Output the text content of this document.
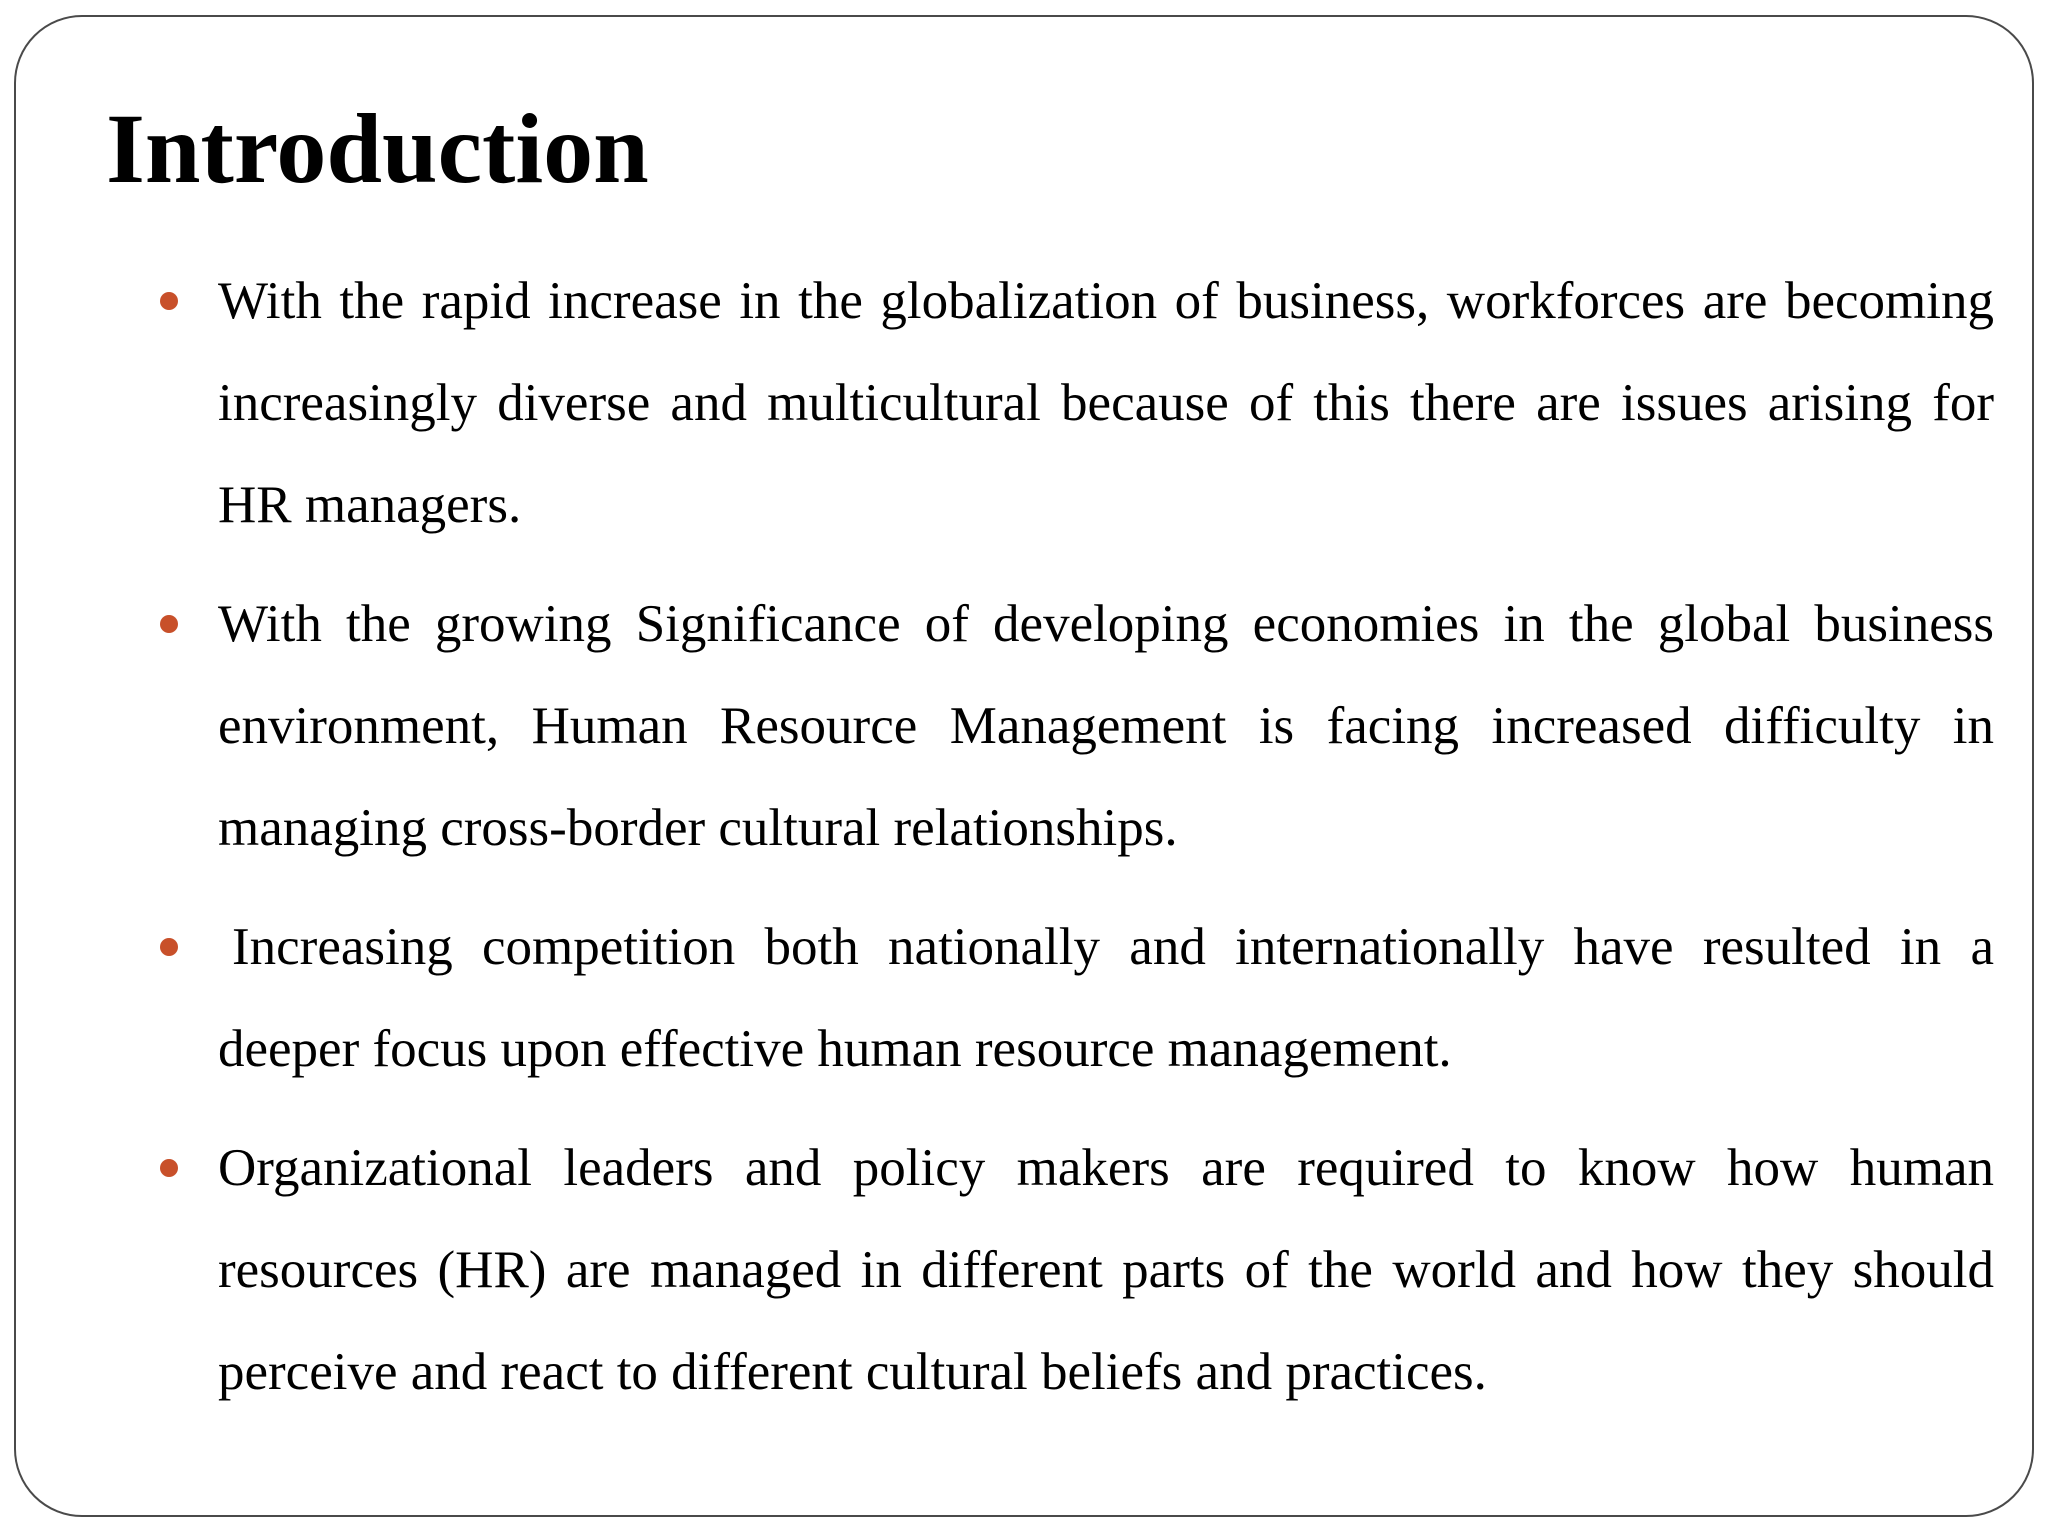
Introduction
With the rapid increase in the globalization of business, workforces are becoming increasingly diverse and multicultural because of this there are issues arising for HR managers.
With the growing Significance of developing economies in the global business environment, Human Resource Management is facing increased difficulty in managing cross-border cultural relationships.
Increasing competition both nationally and internationally have resulted in a deeper focus upon effective human resource management.
Organizational leaders and policy makers are required to know how human resources (HR) are managed in different parts of the world and how they should perceive and react to different cultural beliefs and practices.
